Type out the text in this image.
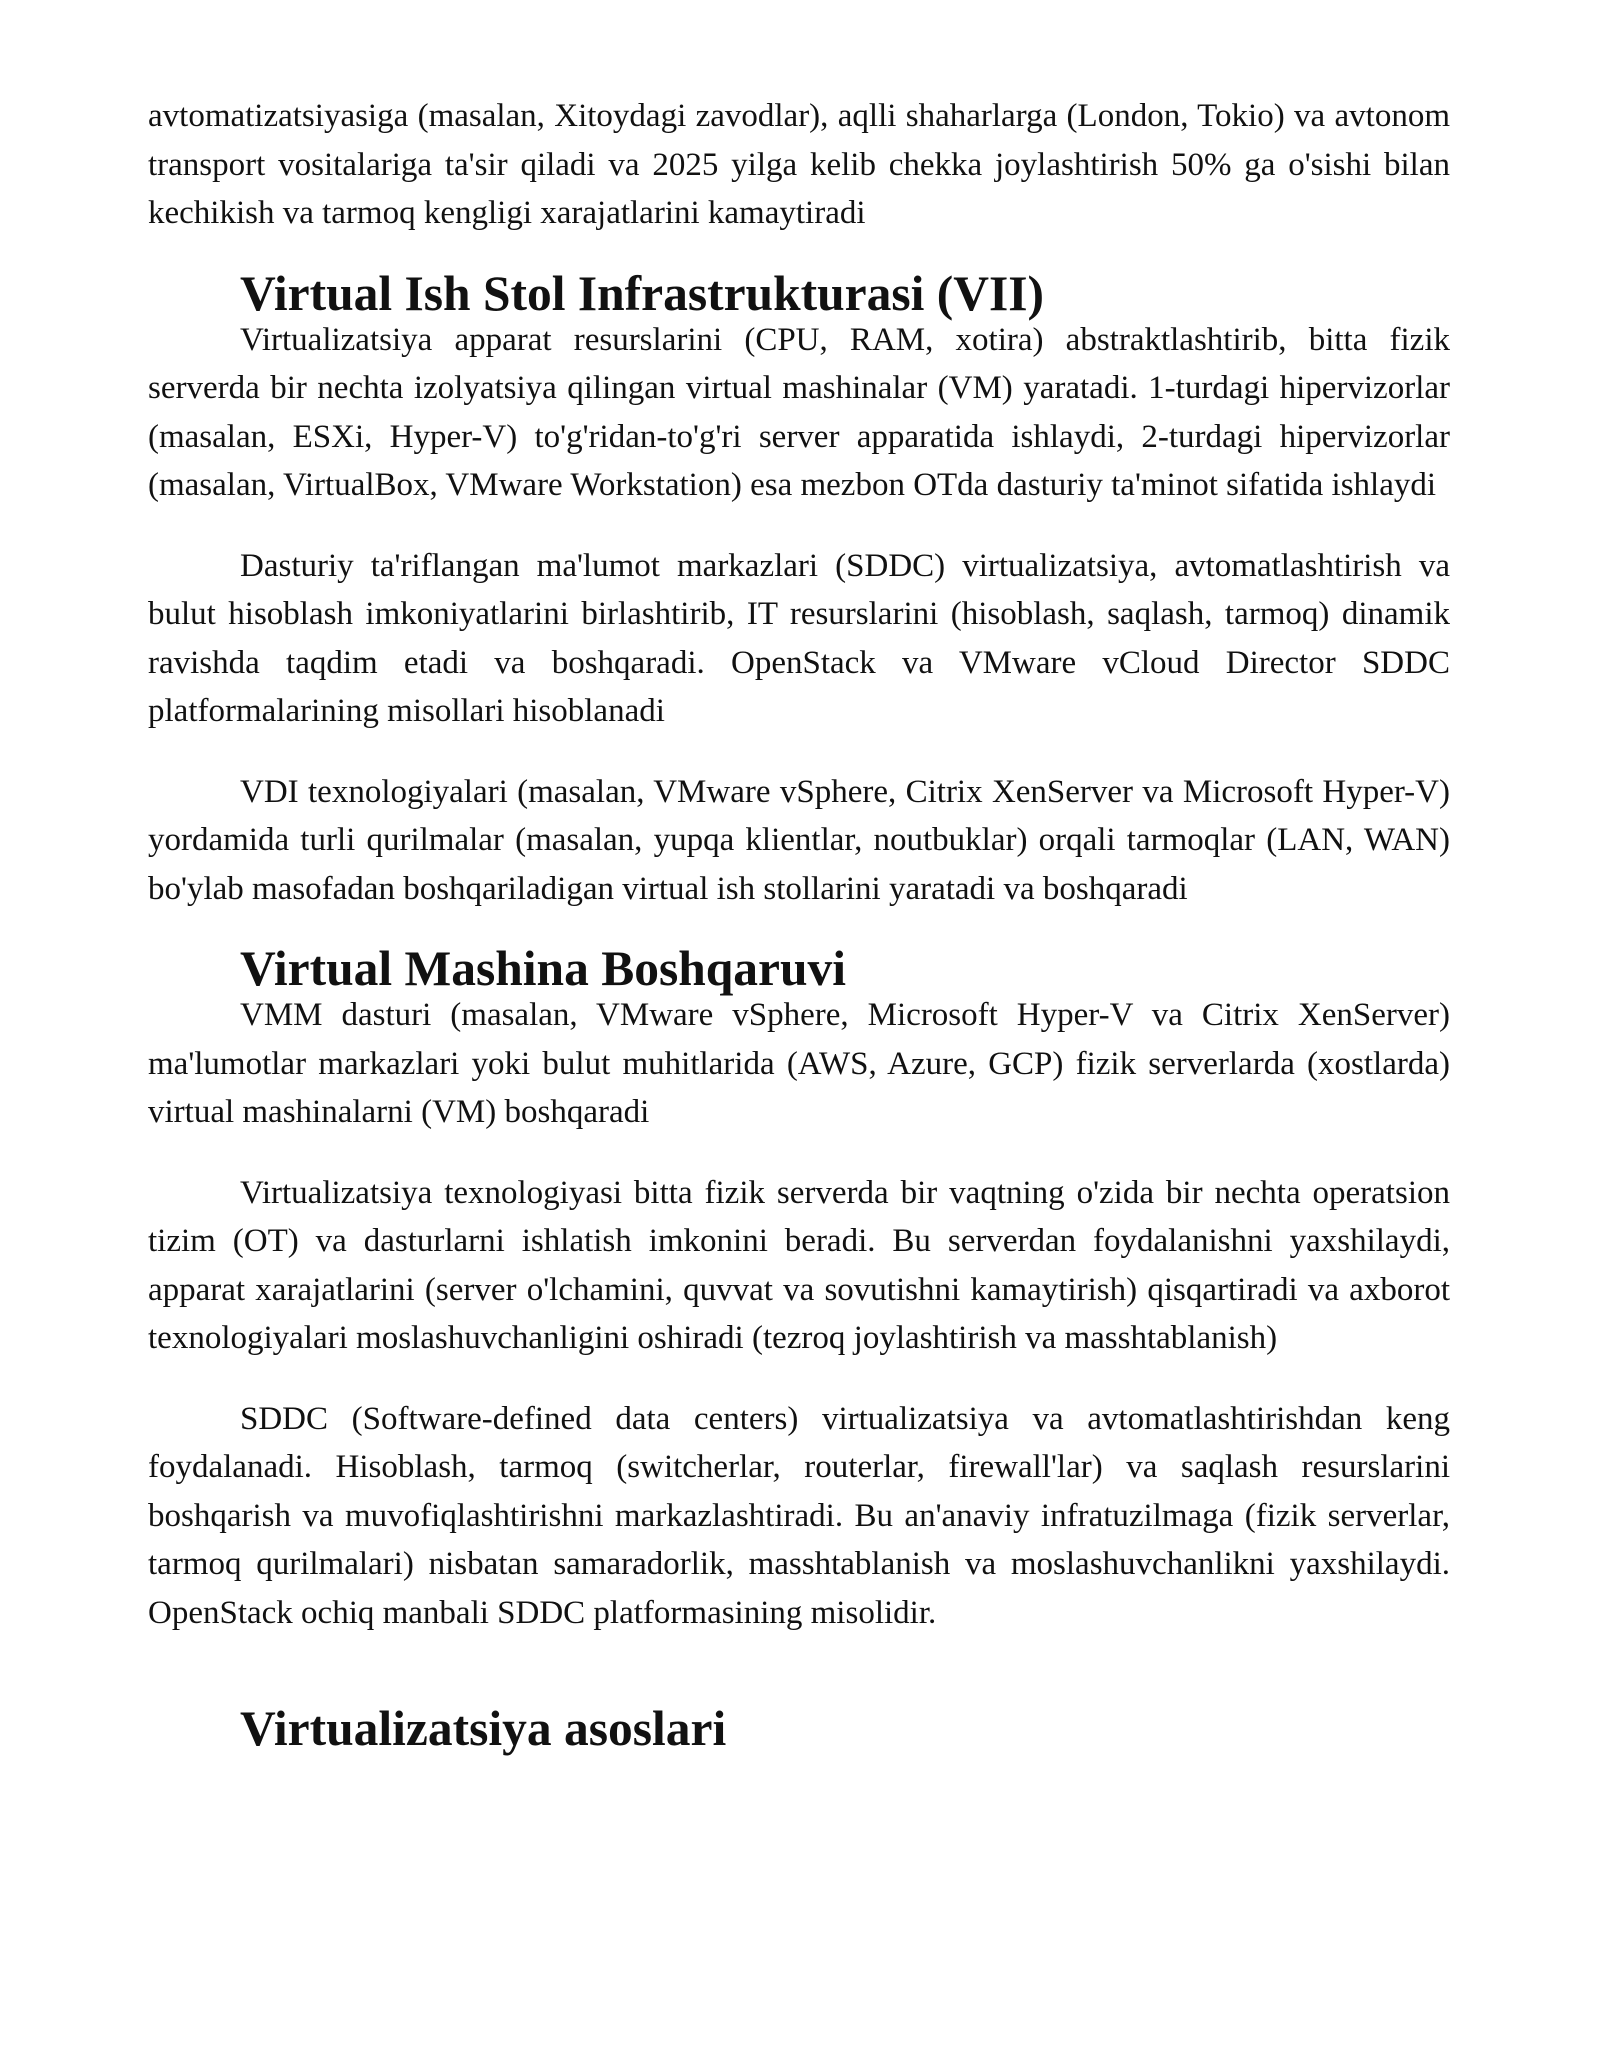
avtomatizatsiyasiga (masalan, Xitoydagi zavodlar), aqlli shaharlarga (London, Tokio) va avtonom transport vositalariga ta'sir qiladi va 2025 yilga kelib chekka joylashtirish 50% ga o'sishi bilan kechikish va tarmoq kengligi xarajatlarini kamaytiradi

Virtual Ish Stol Infrastrukturasi (VII)

Virtualizatsiya apparat resurslarini (CPU, RAM, xotira) abstraktlashtirib, bitta fizik serverda bir nechta izolyatsiya qilingan virtual mashinalar (VM) yaratadi. 1-turdagi hipervizorlar (masalan, ESXi, Hyper-V) to'g'ridan-to'g'ri server apparatida ishlaydi, 2-turdagi hipervizorlar (masalan, VirtualBox, VMware Workstation) esa mezbon OTda dasturiy ta'minot sifatida ishlaydi

Dasturiy ta'riflangan ma'lumot markazlari (SDDC) virtualizatsiya, avtomatlashtirish va bulut hisoblash imkoniyatlarini birlashtirib, IT resurslarini (hisoblash, saqlash, tarmoq) dinamik ravishda taqdim etadi va boshqaradi. OpenStack va VMware vCloud Director SDDC platformalarining misollari hisoblanadi

VDI texnologiyalari (masalan, VMware vSphere, Citrix XenServer va Microsoft Hyper-V) yordamida turli qurilmalar (masalan, yupqa klientlar, noutbuklar) orqali tarmoqlar (LAN, WAN) bo'ylab masofadan boshqariladigan virtual ish stollarini yaratadi va boshqaradi

Virtual Mashina Boshqaruvi

VMM dasturi (masalan, VMware vSphere, Microsoft Hyper-V va Citrix XenServer) ma'lumotlar markazlari yoki bulut muhitlarida (AWS, Azure, GCP) fizik serverlarda (xostlarda) virtual mashinalarni (VM) boshqaradi

Virtualizatsiya texnologiyasi bitta fizik serverda bir vaqtning o'zida bir nechta operatsion tizim (OT) va dasturlarni ishlatish imkonini beradi. Bu serverdan foydalanishni yaxshilaydi, apparat xarajatlarini (server o'lchamini, quvvat va sovutishni kamaytirish) qisqartiradi va axborot texnologiyalari moslashuvchanligini oshiradi (tezroq joylashtirish va masshtablanish)

SDDC (Software-defined data centers) virtualizatsiya va avtomatlashtirishdan keng foydalanadi. Hisoblash, tarmoq (switcherlar, routerlar, firewall'lar) va saqlash resurslarini boshqarish va muvofiqlashtirishni markazlashtiradi. Bu an'anaviy infratuzilmaga (fizik serverlar, tarmoq qurilmalari) nisbatan samaradorlik, masshtablanish va moslashuvchanlikni yaxshilaydi. OpenStack ochiq manbali SDDC platformasining misolidir.

Virtualizatsiya asoslari
